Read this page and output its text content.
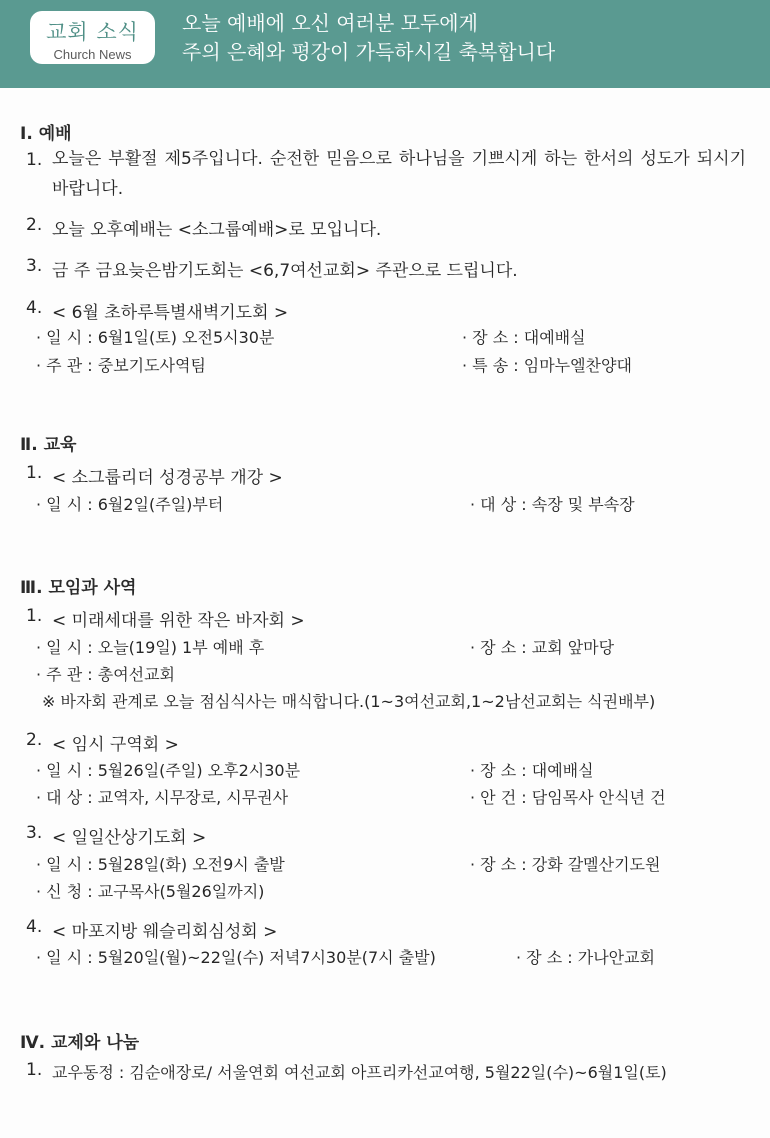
교회 소식
Church News
오늘 예배에 오신 여러분 모두에게
주의 은혜와 평강이 가득하시길 축복합니다
Ⅰ. 예배
1. 오늘은 부활절 제5주입니다. 순전한 믿음으로 하나님을 기쁘시게 하는 한서의 성도가 되시기 바랍니다.
2. 오늘 오후예배는 <소그룹예배>로 모입니다.
3. 금 주 금요늦은밤기도회는 <6,7여선교회> 주관으로 드립니다.
4. < 6월 초하루특별새벽기도회 >
· 일 시 : 6월1일(토) 오전5시30분	· 장 소 : 대예배실
· 주 관 : 중보기도사역팀	· 특 송 : 임마누엘찬양대
Ⅱ. 교육
1. < 소그룹리더 성경공부 개강 >
· 일 시 : 6월2일(주일)부터	· 대 상 : 속장 및 부속장
Ⅲ. 모임과 사역
1. < 미래세대를 위한 작은 바자회 >
· 일 시 : 오늘(19일) 1부 예배 후	· 장 소 : 교회 앞마당
· 주 관 : 총여선교회
※ 바자회 관계로 오늘 점심식사는 매식합니다.(1~3여선교회,1~2남선교회는 식권배부)
2. < 임시 구역회 >
· 일 시 : 5월26일(주일) 오후2시30분	· 장 소 : 대예배실
· 대 상 : 교역자, 시무장로, 시무권사	· 안 건 : 담임목사 안식년 건
3. < 일일산상기도회 >
· 일 시 : 5월28일(화) 오전9시 출발	· 장 소 : 강화 갈멜산기도원
· 신 청 : 교구목사(5월26일까지)
4. < 마포지방 웨슬리회심성회 >
· 일 시 : 5월20일(월)~22일(수) 저녁7시30분(7시 출발)	· 장 소 : 가나안교회
Ⅳ. 교제와 나눔
1. 교우동정 : 김순애장로/ 서울연회 여선교회 아프리카선교여행, 5월22일(수)~6월1일(토)
